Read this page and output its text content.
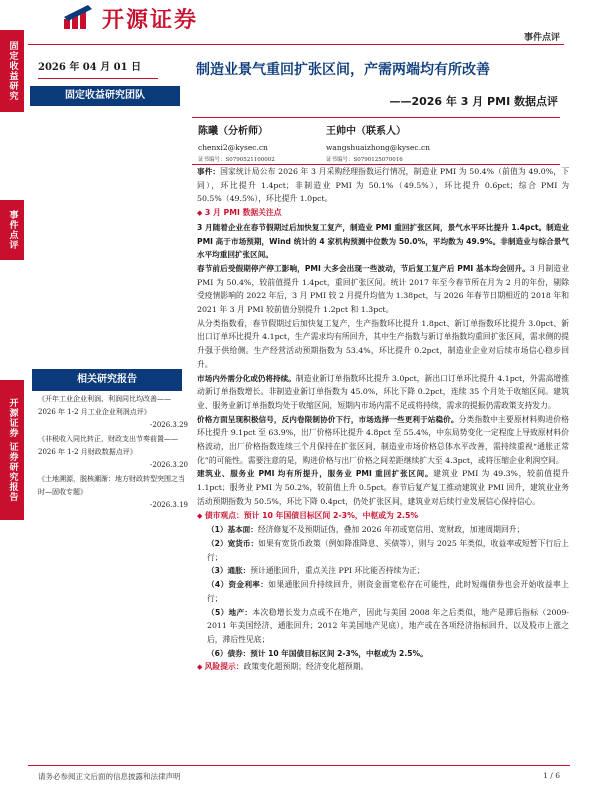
固定收益研究
事件点评
开源证券 证券研究报告
开源证券
事件点评
2026 年 04 月 01 日
固定收益研究团队
制造业景气重回扩张区间，产需两端均有所改善
——2026 年 3 月 PMI 数据点评
陈曦（分析师）
chenxi2@kysec.cn
证书编号：S0790521100002
王帅中（联系人）
wangshuaizhong@kysec.cn
证书编号：S0790125070016
相关研究报告
《开年工业企业利润、利润同比均改善——2026 年 1-2 月工业企业利润点评》
-2026.3.29
《非税收入同比转正，财政支出节奏前置——2026 年 1-2 月财政数据点评》
-2026.3.20
《土地溯源，脱核潮渐：地方财政转型突围之当时—固收专题》
-2026.3.19

事件：国家统计局公布 2026 年 3 月采购经理指数运行情况，制造业 PMI 为 50.4%（前值为 49.0%，下同），环比提升 1.4pct；非制造业 PMI 为 50.1%（49.5%），环比提升 0.6pct；综合 PMI 为 50.5%（49.5%），环比提升 1.0pct。

◆ 3 月 PMI 数据关注点

3 月随着企业在春节假期过后加快复工复产，制造业 PMI 重回扩张区间，景气水平环比提升 1.4pct。制造业 PMI 高于市场预期，Wind 统计的 4 家机构预测中位数为 50.0%，平均数为 49.9%。非制造业与综合景气水平均重回扩张区间。

春节前后受假期停产停工影响，PMI 大多会出现一些波动，节后复工复产后 PMI 基本均会回升。3 月制造业 PMI 为 50.4%，较前值提升 1.4pct，重回扩张区间。统计 2017 年至今春节所在月为 2 月的年份，剔除受疫情影响的 2022 年后，3 月 PMI 较 2 月提升均值为 1.38pct，与 2026 年春节日期相近的 2018 年和 2021 年 3 月 PMI 较前值分别提升 1.2pct 和 1.3pct。

从分类指数看，春节假期过后加快复工复产，生产指数环比提升 1.8pct、新订单指数环比提升 3.0pct、新出口订单环比提升 4.1pct，生产需求均有所回升，其中生产指数与新订单指数均重回扩张区间，需求侧的提升强于供给侧。生产经营活动预期指数为 53.4%，环比提升 0.2pct，制造业企业对后续市场信心稳步回升。

市场内外需分化或仍将持续。制造业新订单指数环比提升 3.0pct，新出口订单环比提升 4.1pct，外需高增推动新订单指数增长。非制造业新订单指数为 45.0%，环比下降 0.2pct，连续 35 个月处于收缩区间。建筑业、服务业新订单指数均处于收缩区间，短期内市场内需不足或将持续，需求的提振仍需政策支持发力。

价格方面呈现积极信号，反内卷限制协价下行，市场选择一些更利于站稳价。分类指数中主要原材料购进价格环比提升 9.1pct 至 63.9%，出厂价格环比提升 4.8pct 至 55.4%，中东局势变化一定程度上导致原材料价格波动，出厂价格指数连续三个月保持在扩张区间，制造业市场价格总体水平改善，需持续重视“通胀正常化”的可能性。需要注意的是，购进价格与出厂价格之间差距继续扩大至 4.3pct，或将压缩企业利润空间。

建筑业、服务业 PMI 均有所提升，服务业 PMI 重回扩张区间。建筑业 PMI 为 49.3%，较前值提升 1.1pct；服务业 PMI 为 50.2%，较前值上升 0.5pct。春节后复产复工推动建筑业 PMI 回升，建筑业业务活动预期指数为 50.5%，环比下降 0.4pct，仍处扩张区间，建筑业对后续行业发展信心保持信心。

◆ 债市观点：预计 10 年国债目标区间 2-3%，中枢或为 2.5%

（1）基本面：经济修复不及预期证伪，叠加 2026 年初或宽信用、宽财政，加速周期回升；

（2）宽货币：如果有宽货币政策（例如降准降息、买债等），则与 2025 年类似，收益率或短暂下行后上行；

（3）通胀：预计通胀回升，重点关注 PPI 环比能否持续为正；

（4）资金利率：如果通胀回升持续回升，则资金面宽松存在可能性，此时短端债券也会开始收益率上行；

（5）地产：本次稳增长发力点或不在地产，因此与美国 2008 年之后类似，地产是滞后指标（2009-2011 年美国经济、通胀回升；2012 年美国地产见底），地产或在各项经济指标回升、以及股市上涨之后，滞后性见底；

（6）债券：预计 10 年国债目标区间 2-3%，中枢或为 2.5%。

◆ 风险提示：政策变化超预期；经济变化超预期。

请务必参阅正文后面的信息披露和法律声明	1 / 6
